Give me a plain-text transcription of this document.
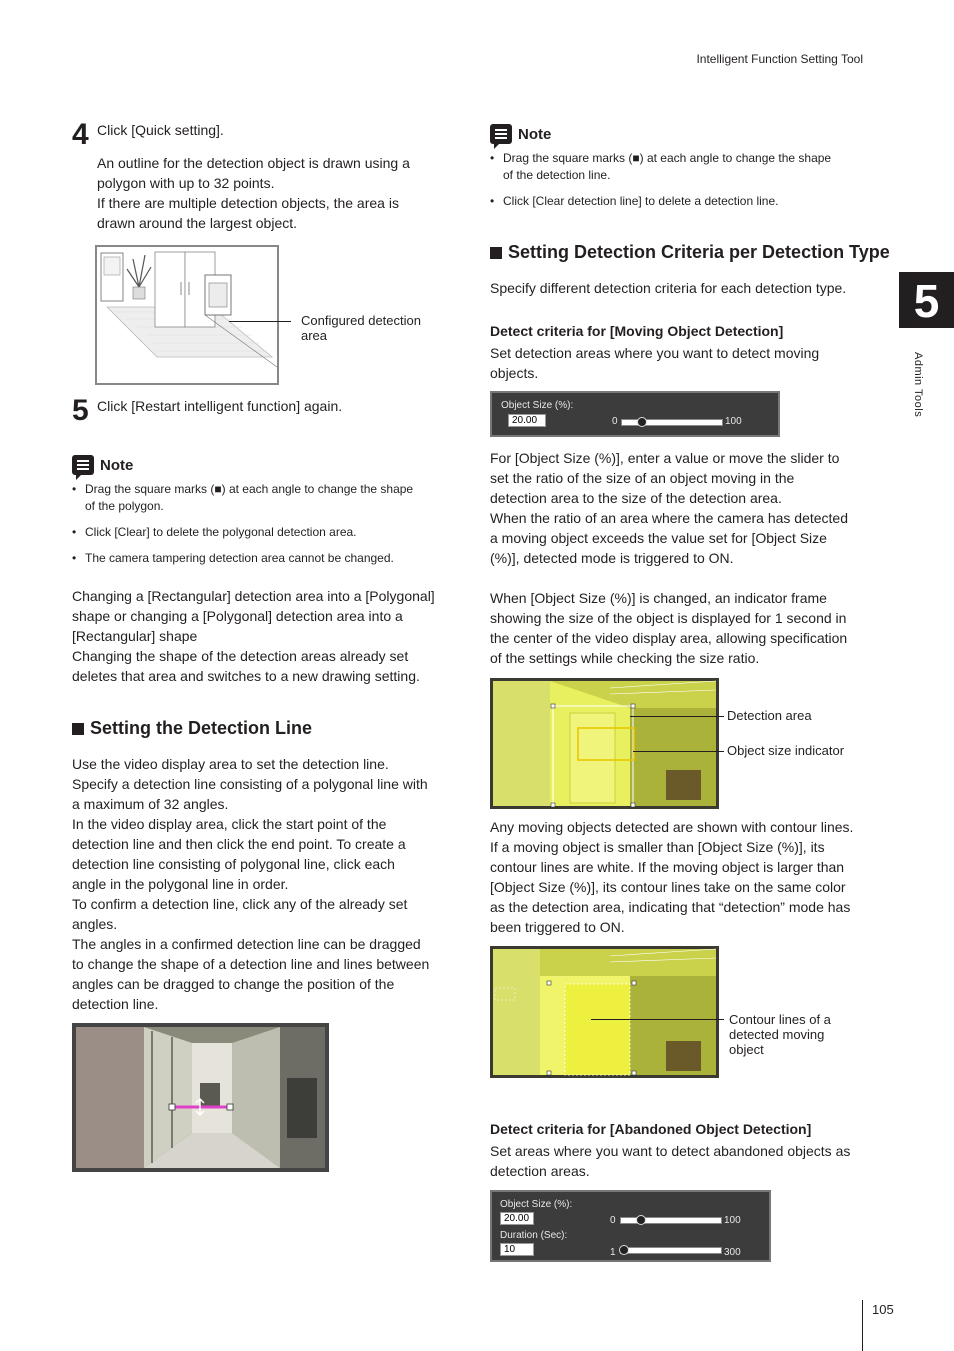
Intelligent Function Setting Tool
5
Admin Tools
4 Click [Quick setting].
An outline for the detection object is drawn using a
polygon with up to 32 points.
If there are multiple detection objects, the area is
drawn around the largest object.
Configured detection
area
5 Click [Restart intelligent function] again.
Note
• Drag the square marks (■) at each angle to change the shape
of the polygon.
• Click [Clear] to delete the polygonal detection area.
• The camera tampering detection area cannot be changed.
Changing a [Rectangular] detection area into a [Polygonal]
shape or changing a [Polygonal] detection area into a
[Rectangular] shape
Changing the shape of the detection areas already set
deletes that area and switches to a new drawing setting.
Setting the Detection Line
Use the video display area to set the detection line.
Specify a detection line consisting of a polygonal line with
a maximum of 32 angles.
In the video display area, click the start point of the
detection line and then click the end point. To create a
detection line consisting of polygonal line, click each
angle in the polygonal line in order.
To confirm a detection line, click any of the already set
angles.
The angles in a confirmed detection line can be dragged
to change the shape of a detection line and lines between
angles can be dragged to change the position of the
detection line.
Note
• Drag the square marks (■) at each angle to change the shape
of the detection line.
• Click [Clear detection line] to delete a detection line.
Setting Detection Criteria per Detection Type
Specify different detection criteria for each detection type.
Detect criteria for [Moving Object Detection]
Set detection areas where you want to detect moving
objects.
Object Size (%):
20.00	0	100
For [Object Size (%)], enter a value or move the slider to
set the ratio of the size of an object moving in the
detection area to the size of the detection area.
When the ratio of an area where the camera has detected
a moving object exceeds the value set for [Object Size
(%)], detected mode is triggered to ON.
When [Object Size (%)] is changed, an indicator frame
showing the size of the object is displayed for 1 second in
the center of the video display area, allowing specification
of the settings while checking the size ratio.
Detection area
Object size indicator
Any moving objects detected are shown with contour lines.
If a moving object is smaller than [Object Size (%)], its
contour lines are white. If the moving object is larger than
[Object Size (%)], its contour lines take on the same color
as the detection area, indicating that “detection” mode has
been triggered to ON.
Contour lines of a
detected moving
object
Detect criteria for [Abandoned Object Detection]
Set areas where you want to detect abandoned objects as
detection areas.
Object Size (%):
20.00	0	100
Duration (Sec):
10	1	300
105
